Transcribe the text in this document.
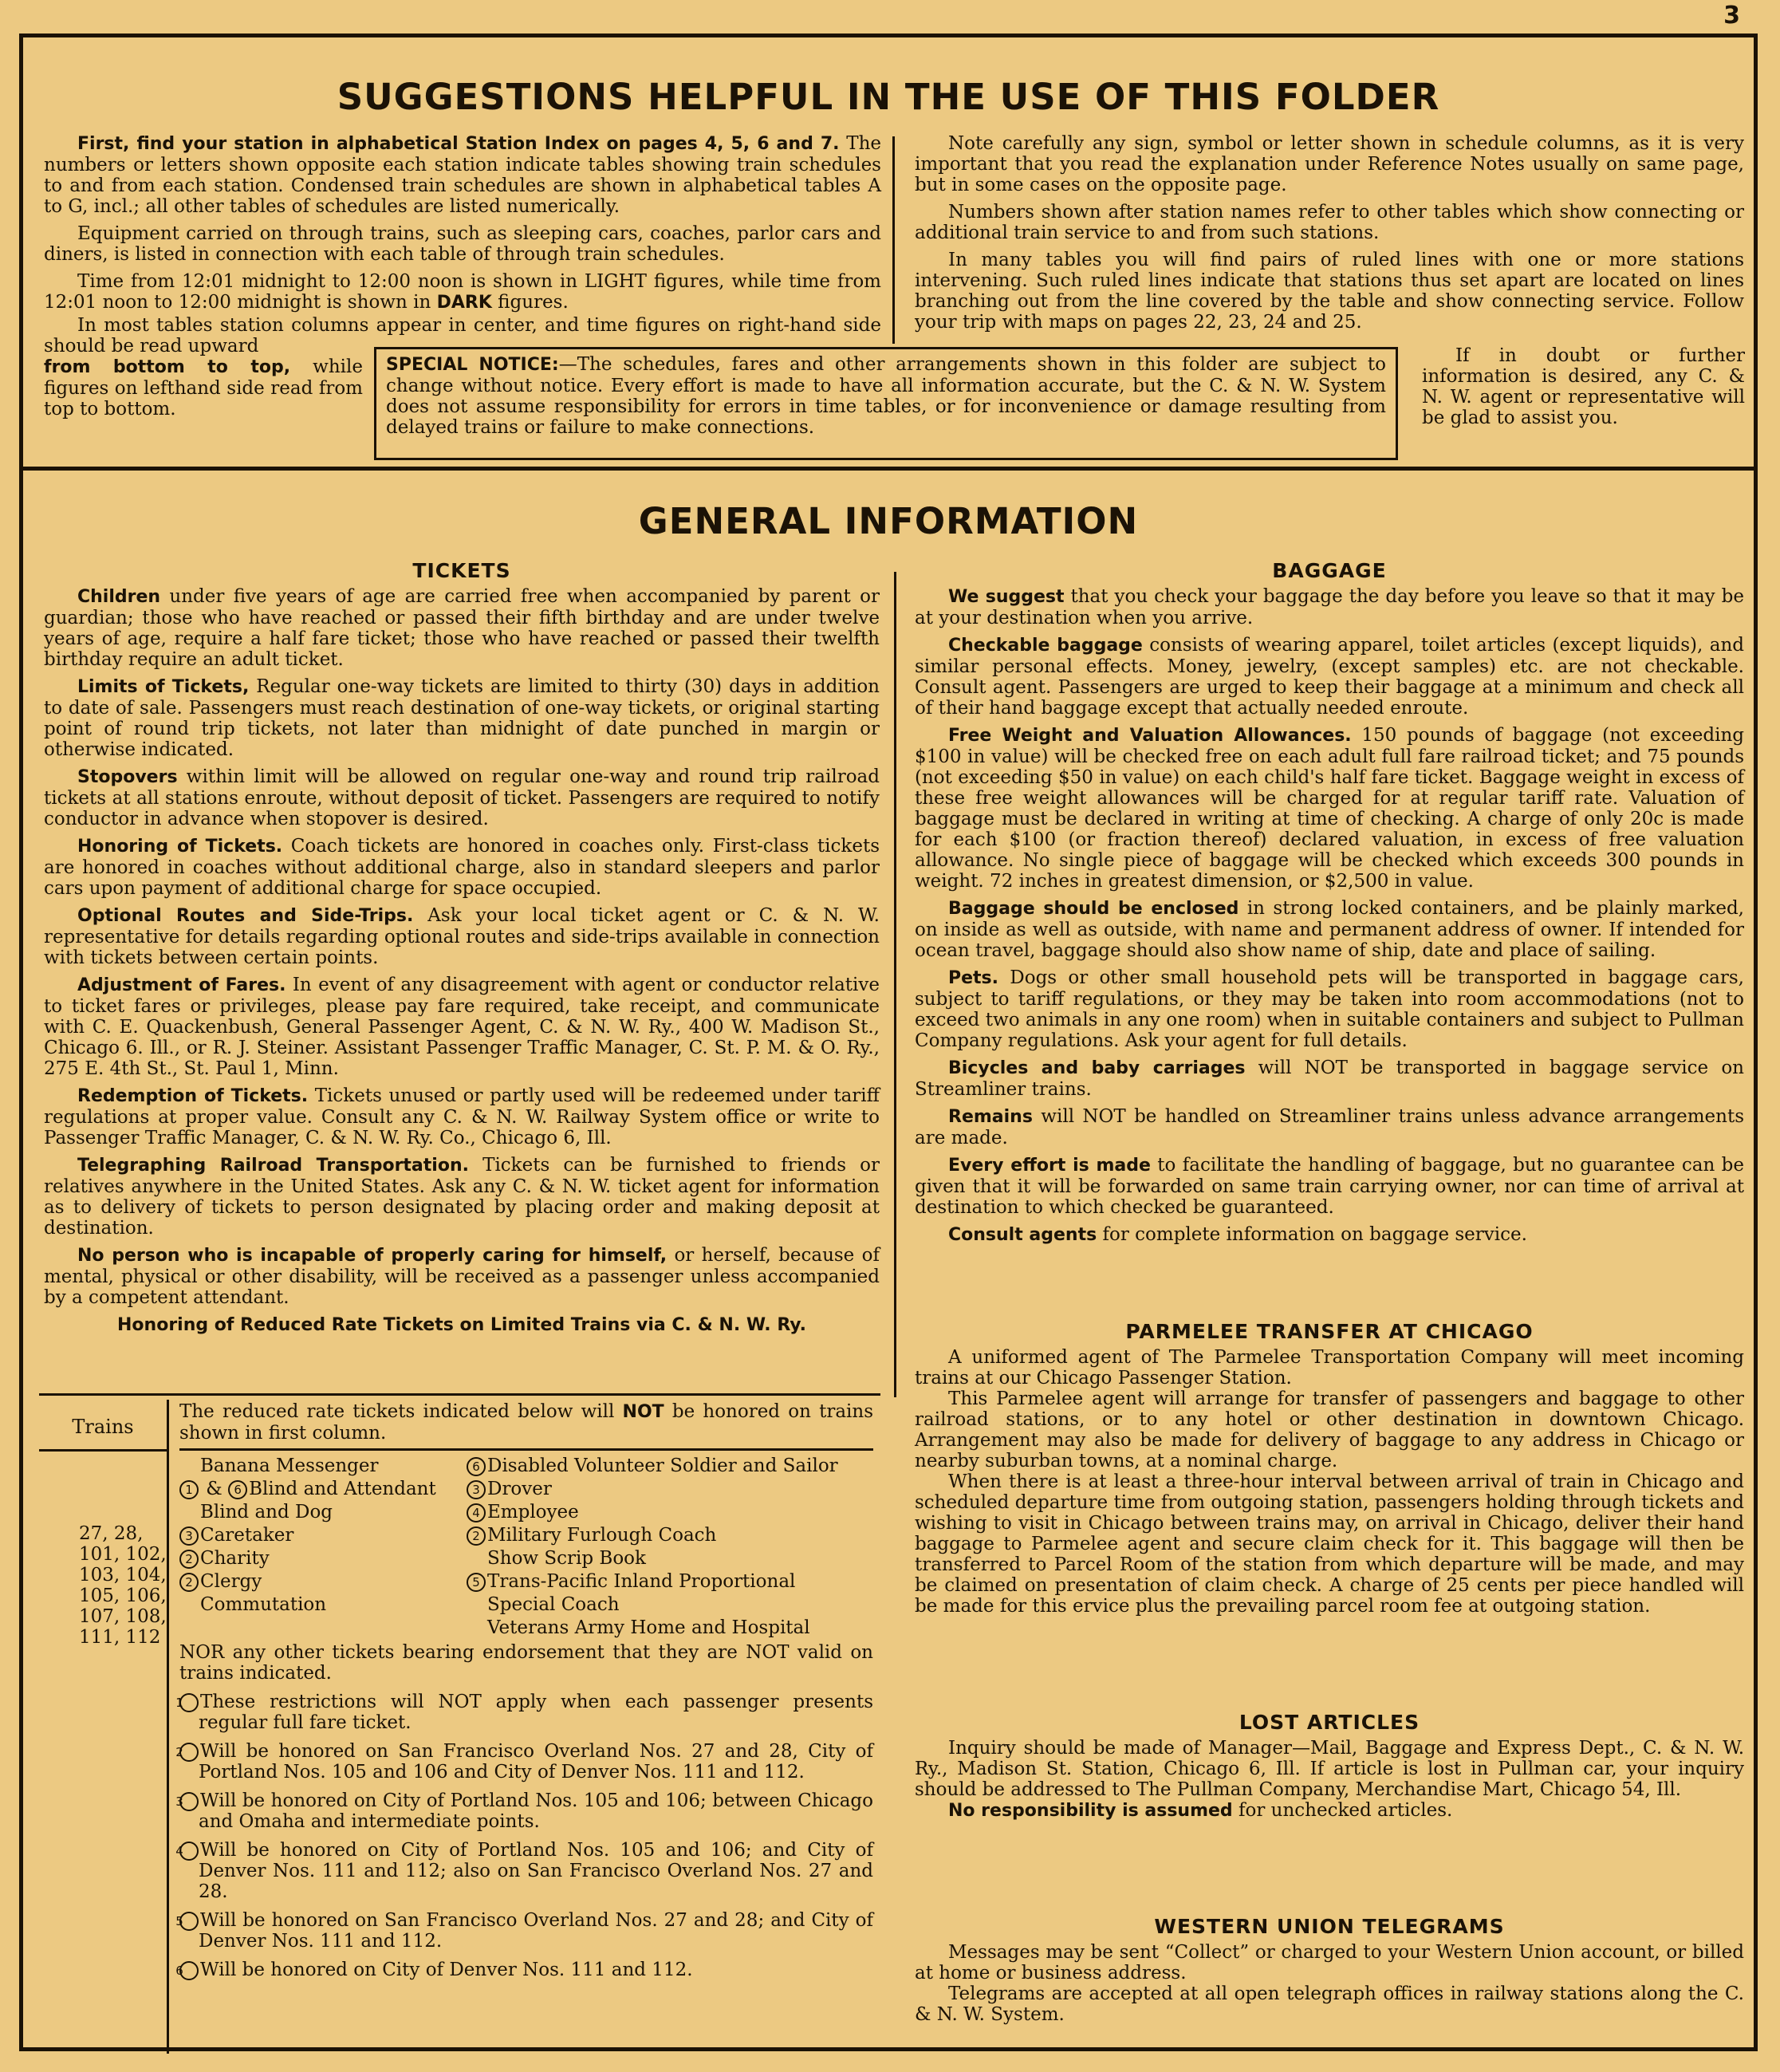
3
SUGGESTIONS HELPFUL IN THE USE OF THIS FOLDER

First, find your station in alphabetical Station Index on pages 4, 5, 6 and 7. The numbers or letters shown opposite each station indicate tables showing train schedules to and from each station. Condensed train schedules are shown in alphabetical tables A to G, incl.; all other tables of schedules are listed numerically.

Equipment carried on through trains, such as sleeping cars, coaches, parlor cars and diners, is listed in connection with each table of through train schedules.

Time from 12:01 midnight to 12:00 noon is shown in LIGHT figures, while time from 12:01 noon to 12:00 midnight is shown in DARK figures.

In most tables station columns appear in center, and time figures on right-hand side should be read upward

Note carefully any sign, symbol or letter shown in schedule columns, as it is very important that you read the explanation under Reference Notes usually on same page, but in some cases on the opposite page.

Numbers shown after station names refer to other tables which show connecting or additional train service to and from such stations.

In many tables you will find pairs of ruled lines with one or more stations intervening. Such ruled lines indicate that stations thus set apart are located on lines branching out from the line covered by the table and show connecting service. Follow your trip with maps on pages 22, 23, 24 and 25.

from bottom to top, while figures on lefthand side read from top to bottom.
SPECIAL NOTICE:—The schedules, fares and other arrangements shown in this folder are subject to change without notice. Every effort is made to have all information accurate, but the C. & N. W. System does not assume responsibility for errors in time tables, or for inconvenience or damage resulting from delayed trains or failure to make connections.

If in doubt or further information is desired, any C. & N. W. agent or representative will be glad to assist you.

GENERAL INFORMATION
TICKETS

Children under five years of age are carried free when accompanied by parent or guardian; those who have reached or passed their fifth birthday and are under twelve years of age, require a half fare ticket; those who have reached or passed their twelfth birthday require an adult ticket.

Limits of Tickets, Regular one-way tickets are limited to thirty (30) days in addition to date of sale. Passengers must reach destination of one-way tickets, or original starting point of round trip tickets, not later than midnight of date punched in margin or otherwise indicated.

Stopovers within limit will be allowed on regular one-way and round trip railroad tickets at all stations enroute, without deposit of ticket. Passengers are required to notify conductor in advance when stopover is desired.

Honoring of Tickets. Coach tickets are honored in coaches only. First-class tickets are honored in coaches without additional charge, also in standard sleepers and parlor cars upon payment of additional charge for space occupied.

Optional Routes and Side-Trips. Ask your local ticket agent or C. & N. W. representative for details regarding optional routes and side-trips available in connection with tickets between certain points.

Adjustment of Fares. In event of any disagreement with agent or conductor relative to ticket fares or privileges, please pay fare required, take receipt, and communicate with C. E. Quackenbush, General Passenger Agent, C. & N. W. Ry., 400 W. Madison St., Chicago 6. Ill., or R. J. Steiner. Assistant Passenger Traffic Manager, C. St. P. M. & O. Ry., 275 E. 4th St., St. Paul 1, Minn.

Redemption of Tickets. Tickets unused or partly used will be redeemed under tariff regulations at proper value. Consult any C. & N. W. Railway System office or write to Passenger Traffic Manager, C. & N. W. Ry. Co., Chicago 6, Ill.

Telegraphing Railroad Transportation. Tickets can be furnished to friends or relatives anywhere in the United States. Ask any C. & N. W. ticket agent for information as to delivery of tickets to person designated by placing order and making deposit at destination.

No person who is incapable of properly caring for himself, or herself, because of mental, physical or other disability, will be received as a passenger unless accompanied by a competent attendant.

Honoring of Reduced Rate Tickets on Limited Trains via C. & N. W. Ry.
Trains
27, 28,
101, 102,
103, 104,
105, 106,
107, 108,
111, 112
The reduced rate tickets indicated below will NOT be honored on trains shown in first column.
Banana Messenger
1 & 6 Blind and Attendant
Blind and Dog
3 Caretaker
2 Charity
2 Clergy
Commutation
6 Disabled Volunteer Soldier and Sailor
3 Drover
4 Employee
2 Military Furlough Coach
Show Scrip Book
5 Trans-Pacific Inland Proportional
Special Coach
Veterans Army Home and Hospital
NOR any other tickets bearing endorsement that they are NOT valid on trains indicated.
1 These restrictions will NOT apply when each passenger presents regular full fare ticket.
2 Will be honored on San Francisco Overland Nos. 27 and 28, City of Portland Nos. 105 and 106 and City of Denver Nos. 111 and 112.
3 Will be honored on City of Portland Nos. 105 and 106; between Chicago and Omaha and intermediate points.
4 Will be honored on City of Portland Nos. 105 and 106; and City of Denver Nos. 111 and 112; also on San Francisco Overland Nos. 27 and 28.
5 Will be honored on San Francisco Overland Nos. 27 and 28; and City of Denver Nos. 111 and 112.
6 Will be honored on City of Denver Nos. 111 and 112.
BAGGAGE

We suggest that you check your baggage the day before you leave so that it may be at your destination when you arrive.

Checkable baggage consists of wearing apparel, toilet articles (except liquids), and similar personal effects. Money, jewelry, (except samples) etc. are not checkable. Consult agent. Passengers are urged to keep their baggage at a minimum and check all of their hand baggage except that actually needed enroute.

Free Weight and Valuation Allowances. 150 pounds of baggage (not exceeding $100 in value) will be checked free on each adult full fare railroad ticket; and 75 pounds (not exceeding $50 in value) on each child's half fare ticket. Baggage weight in excess of these free weight allowances will be charged for at regular tariff rate. Valuation of baggage must be declared in writing at time of checking. A charge of only 20c is made for each $100 (or fraction thereof) declared valuation, in excess of free valuation allowance. No single piece of baggage will be checked which exceeds 300 pounds in weight. 72 inches in greatest dimension, or $2,500 in value.

Baggage should be enclosed in strong locked containers, and be plainly marked, on inside as well as outside, with name and permanent address of owner. If intended for ocean travel, baggage should also show name of ship, date and place of sailing.

Pets. Dogs or other small household pets will be transported in baggage cars, subject to tariff regulations, or they may be taken into room accommodations (not to exceed two animals in any one room) when in suitable containers and subject to Pullman Company regulations. Ask your agent for full details.

Bicycles and baby carriages will NOT be transported in baggage service on Streamliner trains.

Remains will NOT be handled on Streamliner trains unless advance arrangements are made.

Every effort is made to facilitate the handling of baggage, but no guarantee can be given that it will be forwarded on same train carrying owner, nor can time of arrival at destination to which checked be guaranteed.

Consult agents for complete information on baggage service.

PARMELEE TRANSFER AT CHICAGO

A uniformed agent of The Parmelee Transportation Company will meet incoming trains at our Chicago Passenger Station.

This Parmelee agent will arrange for transfer of passengers and baggage to other railroad stations, or to any hotel or other destination in downtown Chicago. Arrangement may also be made for delivery of baggage to any address in Chicago or nearby suburban towns, at a nominal charge.

When there is at least a three-hour interval between arrival of train in Chicago and scheduled departure time from outgoing station, passengers holding through tickets and wishing to visit in Chicago between trains may, on arrival in Chicago, deliver their hand baggage to Parmelee agent and secure claim check for it. This baggage will then be transferred to Parcel Room of the station from which departure will be made, and may be claimed on presentation of claim check. A charge of 25 cents per piece handled will be made for this ervice plus the prevailing parcel room fee at outgoing station.

LOST ARTICLES

Inquiry should be made of Manager—Mail, Baggage and Express Dept., C. & N. W. Ry., Madison St. Station, Chicago 6, Ill. If article is lost in Pullman car, your inquiry should be addressed to The Pullman Company, Merchandise Mart, Chicago 54, Ill.

No responsibility is assumed for unchecked articles.

WESTERN UNION TELEGRAMS

Messages may be sent “Collect” or charged to your Western Union account, or billed at home or business address.

Telegrams are accepted at all open telegraph offices in railway stations along the C. & N. W. System.
